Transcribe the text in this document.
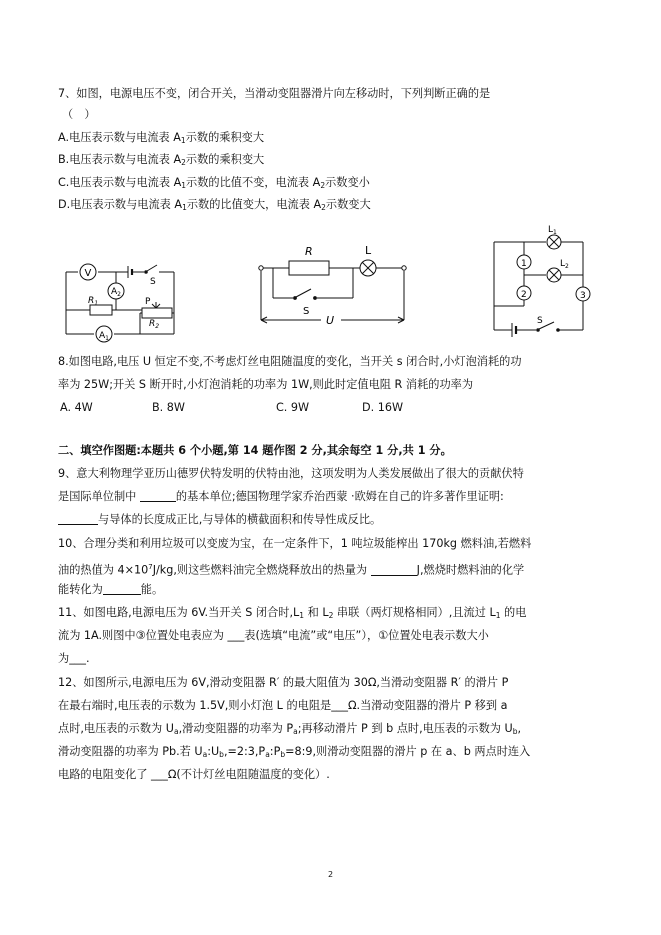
7、如图，电源电压不变，闭合开关，当滑动变阻器滑片向左移动时，下列判断正确的是
（　）
A.电压表示数与电流表 $A_1$示数的乘积变大
B.电压表示数与电流表 $A_2$示数的乘积变大
C.电压表示数与电流表 $A_1$示数的比值不变，电流表 $A_2$示数变小
D.电压表示数与电流表 $A_1$示数的比值变大，电流表 $A_2$示数变大
V
$A_2$
S
$R_1$	P
$R_2$
$A_1$
R	L
S
U
$L_1$
$L_2$
1
2	3
S
8.如图电路,电压 U 恒定不变,不考虑灯丝电阻随温度的变化，当开关 s 闭合时,小灯泡消耗的功
率为 25W;开关 S 断开时,小灯泡消耗的功率为 1W,则此时定值电阻 R 消耗的功率为
A. 4W	B. 8W	C. 9W	D. 16W
二、填空作图题:本题共 6 个小题,第 14 题作图 2 分,其余每空 1 分,共 1 分。
9、意大利物理学亚历山德罗伏特发明的伏特由池，这项发明为人类发展做出了很大的贡献伏特
是国际单位制中	的基本单位;德国物理学家乔治西蒙 ·欧姆在自己的许多著作里证明:
与导体的长度成正比,与导体的横截面积和传导性成反比。
10、合理分类和利用垃圾可以变废为宝，在一定条件下，1 吨垃圾能榨出 170kg 燃料油,若燃料
油的热值为 $4\times 10^7J/kg$,则这些燃料油完全燃烧释放出的热量为	J,燃烧时燃料油的化学
能转化为	能。
11、如图电路,电源电压为 6V.当开关 S 闭合时$,L_1$ 和 $L_2$ 串联（两灯规格相同）,且流过 $L_1$ 的电
流为 1A.则图中③位置处电表应为 ___表(选填“电流”或“电压”），①位置处电表示数大小
为___.
12、如图所示,电源电压为 6V,滑动变阻器 R′ 的最大阻值为 30Ω,当滑动变阻器 R′ 的滑片 P
在最右端时,电压表的示数为 1.5V,则小灯泡 L 的电阻是___Ω.当滑动变阻器的滑片 P 移到 a
点时,电压表的示数为 $U_a$,滑动变阻器的功率为 $P_a$;再移动滑片 P 到 b 点时,电压表的示数为 $U_b$,
滑动变阻器的功率为 Pb.若 $U_a:U_b,=2:3,P_a:P_b=8:9$,则滑动变阻器的滑片 p 在 a、b 两点时连入
电路的电阻变化了 ___Ω(不计灯丝电阻随温度的变化）.
2
